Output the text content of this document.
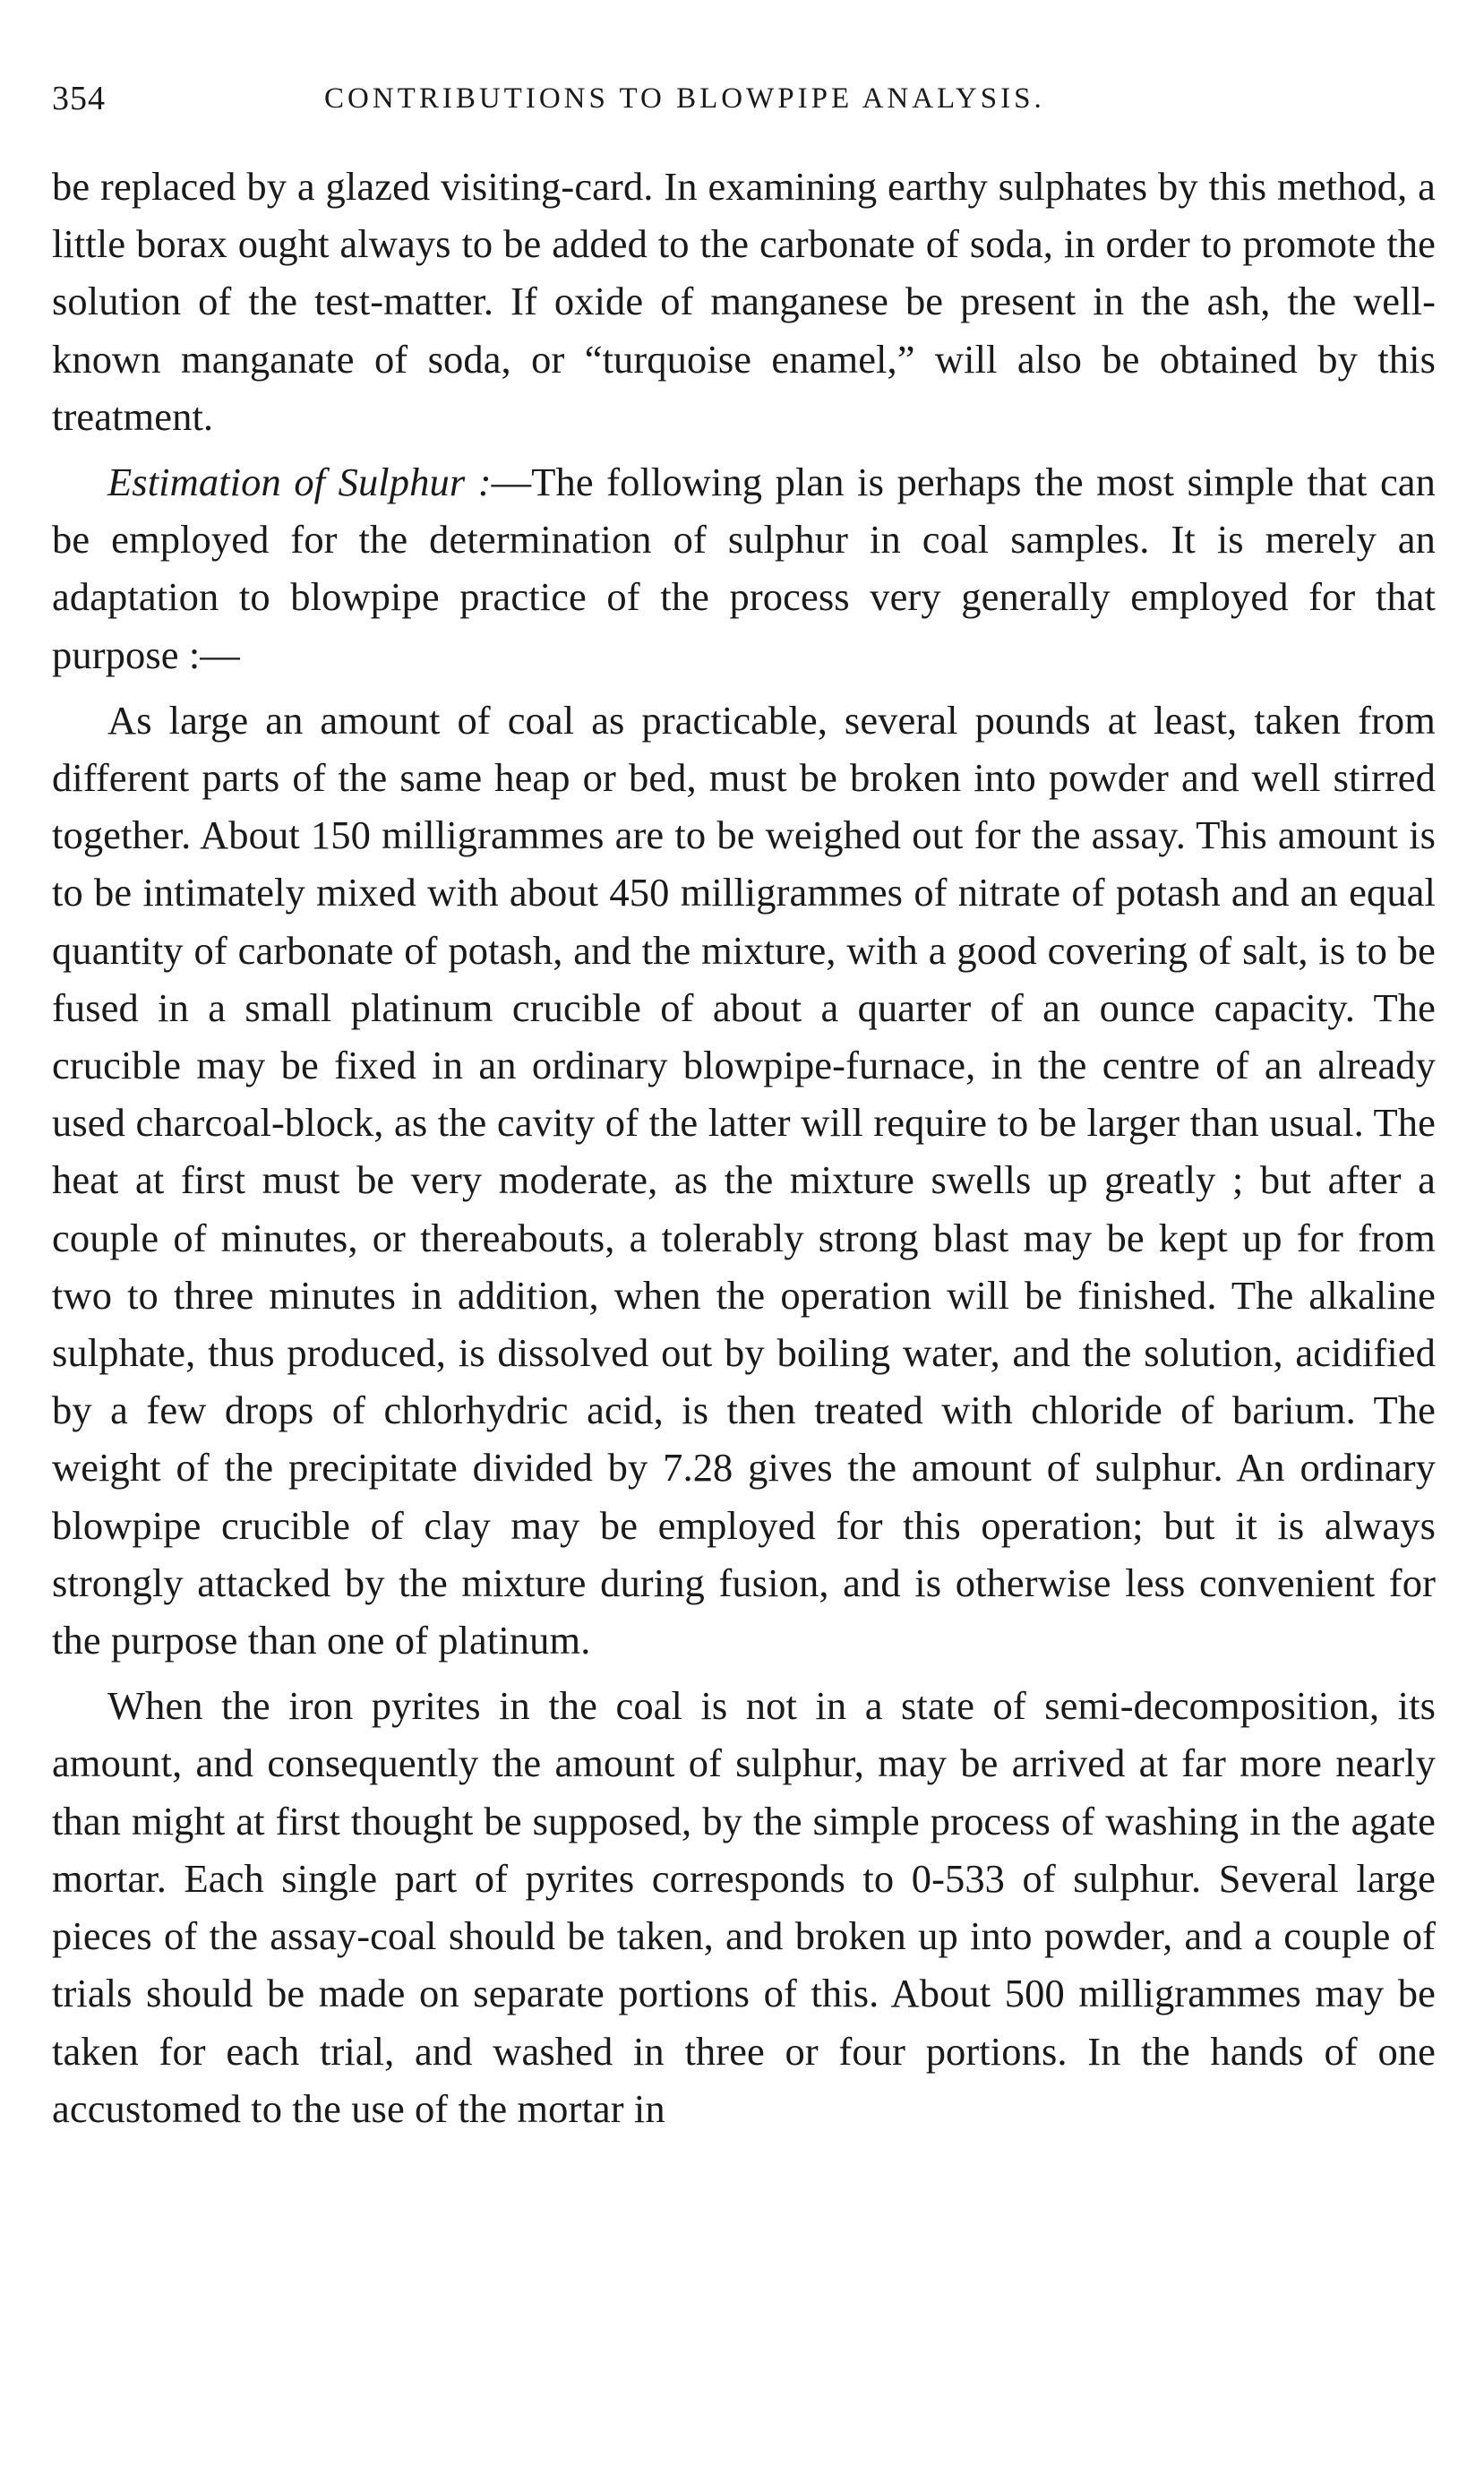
354	CONTRIBUTIONS TO BLOWPIPE ANALYSIS.

be replaced by a glazed visiting-card. In examining earthy sulphates by this method, a little borax ought always to be added to the carbonate of soda, in order to promote the solution of the test-matter. If oxide of manganese be present in the ash, the well-known manganate of soda, or “turquoise enamel,” will also be obtained by this treatment.

Estimation of Sulphur :—The following plan is perhaps the most simple that can be employed for the determination of sulphur in coal samples. It is merely an adaptation to blowpipe practice of the process very generally employed for that purpose :—

As large an amount of coal as practicable, several pounds at least, taken from different parts of the same heap or bed, must be broken into powder and well stirred together. About 150 milligrammes are to be weighed out for the assay. This amount is to be intimately mixed with about 450 milligrammes of nitrate of potash and an equal quantity of carbonate of potash, and the mixture, with a good covering of salt, is to be fused in a small platinum crucible of about a quarter of an ounce capacity. The crucible may be fixed in an ordinary blowpipe-furnace, in the centre of an already used charcoal-block, as the cavity of the latter will require to be larger than usual. The heat at first must be very moderate, as the mixture swells up greatly ; but after a couple of minutes, or thereabouts, a tolerably strong blast may be kept up for from two to three minutes in addition, when the operation will be finished. The alkaline sulphate, thus produced, is dissolved out by boiling water, and the solution, acidified by a few drops of chlorhydric acid, is then treated with chloride of barium. The weight of the precipitate divided by 7.28 gives the amount of sulphur. An ordinary blowpipe crucible of clay may be employed for this operation; but it is always strongly attacked by the mixture during fusion, and is otherwise less convenient for the purpose than one of platinum.

When the iron pyrites in the coal is not in a state of semi-decomposition, its amount, and consequently the amount of sulphur, may be arrived at far more nearly than might at first thought be supposed, by the simple process of washing in the agate mortar. Each single part of pyrites corresponds to 0-533 of sulphur. Several large pieces of the assay-coal should be taken, and broken up into powder, and a couple of trials should be made on separate portions of this. About 500 milligrammes may be taken for each trial, and washed in three or four portions. In the hands of one accustomed to the use of the mortar in
